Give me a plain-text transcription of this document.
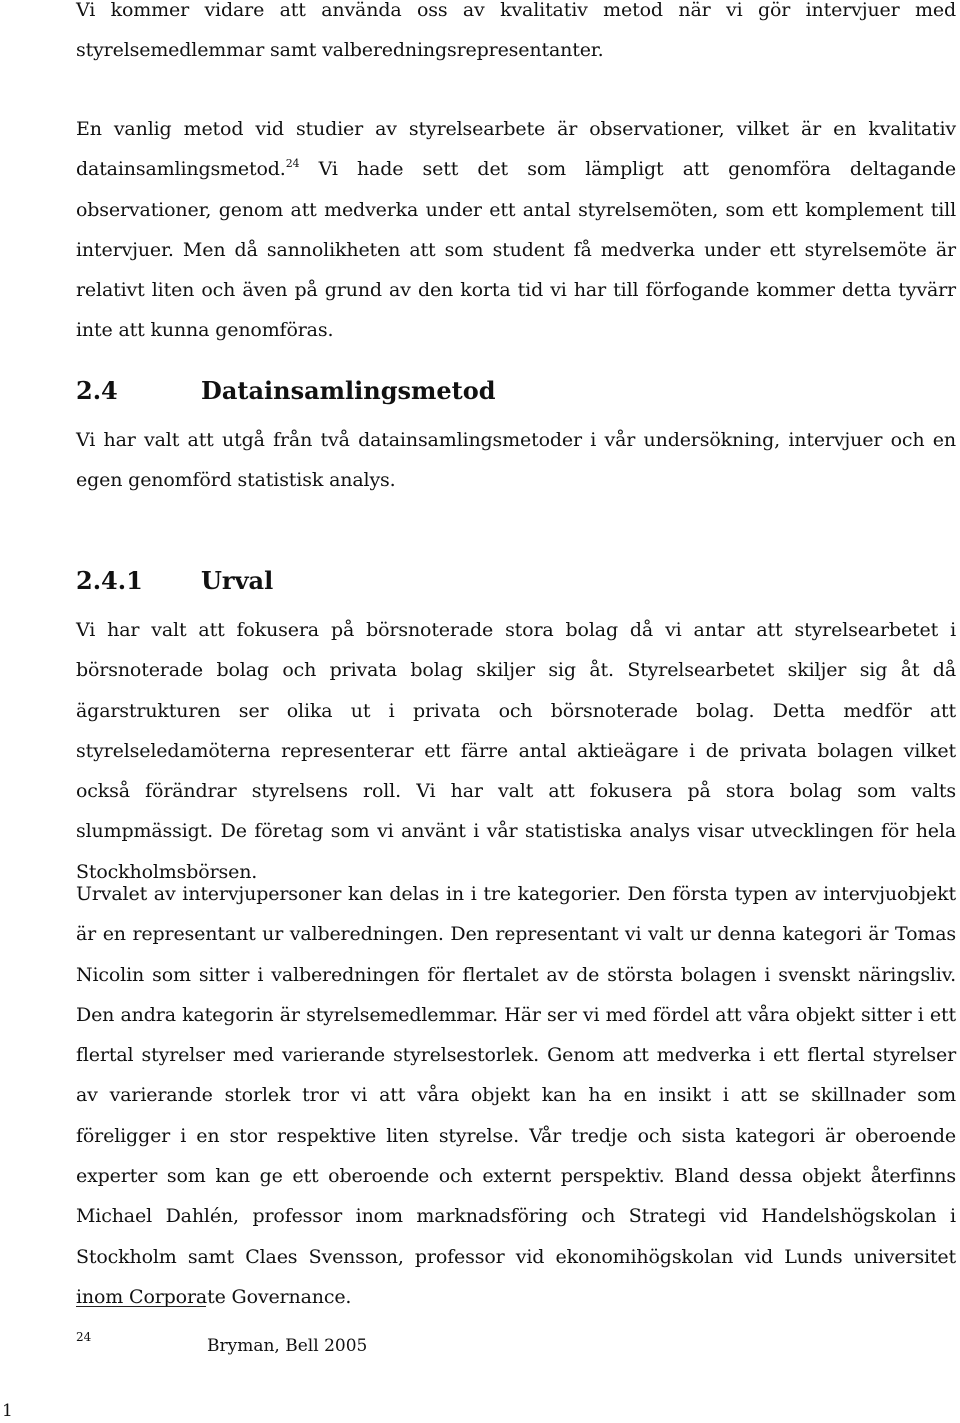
Vi kommer vidare att använda oss av kvalitativ metod när vi gör intervjuer med styrelsemedlemmar samt valberedningsrepresentanter.

En vanlig metod vid studier av styrelsearbete är observationer, vilket är en kvalitativ datainsamlingsmetod.$^{24}$ Vi hade sett det som lämpligt att genomföra deltagande observationer, genom att medverka under ett antal styrelsemöten, som ett komplement till intervjuer. Men då sannolikheten att som student få medverka under ett styrelsemöte är relativt liten och även på grund av den korta tid vi har till förfogande kommer detta tyvärr inte att kunna genomföras.

2.4	Datainsamlingsmetod

Vi har valt att utgå från två datainsamlingsmetoder i vår undersökning, intervjuer och en egen genomförd statistisk analys.

2.4.1 Urval

Vi har valt att fokusera på börsnoterade stora bolag då vi antar att styrelsearbetet i börsnoterade bolag och privata bolag skiljer sig åt. Styrelsearbetet skiljer sig åt då ägarstrukturen ser olika ut i privata och börsnoterade bolag. Detta medför att styrelseledamöterna representerar ett färre antal aktieägare i de privata bolagen vilket också förändrar styrelsens roll. Vi har valt att fokusera på stora bolag som valts slumpmässigt. De företag som vi använt i vår statistiska analys visar utvecklingen för hela Stockholmsbörsen.

Urvalet av intervjupersoner kan delas in i tre kategorier. Den första typen av intervjuobjekt är en representant ur valberedningen. Den representant vi valt ur denna kategori är Tomas Nicolin som sitter i valberedningen för flertalet av de största bolagen i svenskt näringsliv. Den andra kategorin är styrelsemedlemmar. Här ser vi med fördel att våra objekt sitter i ett flertal styrelser med varierande styrelsestorlek. Genom att medverka i ett flertal styrelser av varierande storlek tror vi att våra objekt kan ha en insikt i att se skillnader som föreligger i en stor respektive liten styrelse. Vår tredje och sista kategori är oberoende experter som kan ge ett oberoende och externt perspektiv. Bland dessa objekt återfinns Michael Dahlén, professor inom marknadsföring och Strategi vid Handelshögskolan i Stockholm samt Claes Svensson, professor vid ekonomihögskolan vid Lunds universitet inom Corporate Governance.

24	Bryman, Bell 2005
1
